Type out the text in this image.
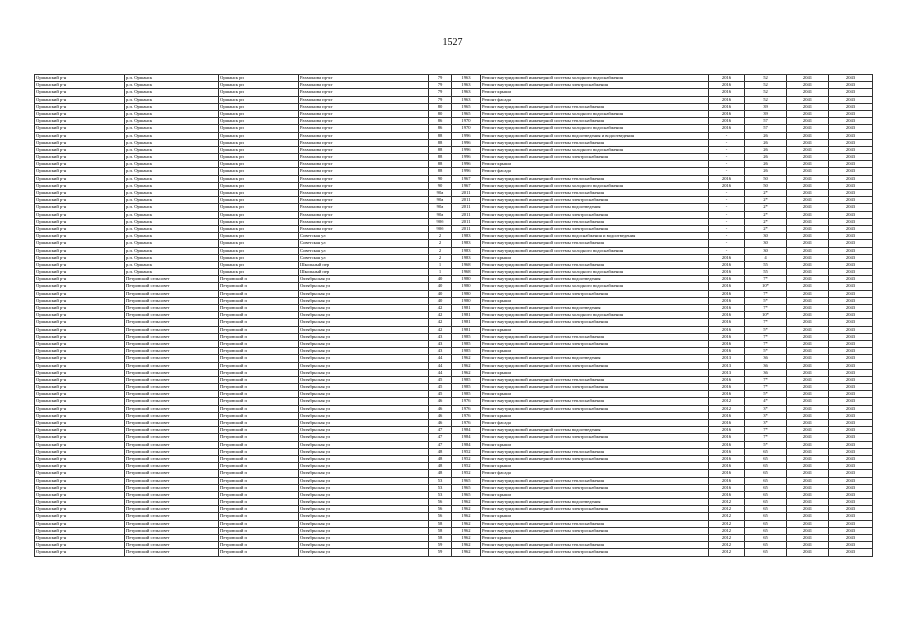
1527
Оршанский р-н	р.п. Оршанск	Оршанск рп	Рахмонова пр-кт	79	1963	Ремонт внутридомовой инженерной системы холодного водоснабжения	2016	52	2041	2043
Оршанский р-н	р.п. Оршанск	Оршанск рп	Рахмонова пр-кт	79	1963	Ремонт внутридомовой инженерной системы электроснабжения	2016	52	2041	2043
Оршанский р-н	р.п. Оршанск	Оршанск рп	Рахмонова пр-кт	79	1963	Ремонт крыши	2016	52	2041	2043
Оршанский р-н	р.п. Оршанск	Оршанск рп	Рахмонова пр-кт	79	1963	Ремонт фасада	2016	52	2041	2043
Оршанский р-н	р.п. Оршанск	Оршанск рп	Рахмонова пр-кт	80	1965	Ремонт внутридомовой инженерной системы теплоснабжения	2016	39	2041	2043
Оршанский р-н	р.п. Оршанск	Оршанск рп	Рахмонова пр-кт	80	1965	Ремонт внутридомовой инженерной системы холодного водоснабжения	2016	39	2041	2043
Оршанский р-н	р.п. Оршанск	Оршанск рп	Рахмонова пр-кт	86	1970	Ремонт внутридомовой инженерной системы теплоснабжения	2016	57	2041	2043
Оршанский р-н	р.п. Оршанск	Оршанск рп	Рахмонова пр-кт	86	1970	Ремонт внутридомовой инженерной системы холодного водоснабжения	2016	57	2041	2043
Оршанский р-н	р.п. Оршанск	Оршанск рп	Рахмонова пр-кт	88	1996	Ремонт внутридомовой инженерной системы водоотведения и водоотведения	-	26	2041	2043
Оршанский р-н	р.п. Оршанск	Оршанск рп	Рахмонова пр-кт	88	1996	Ремонт внутридомовой инженерной системы теплоснабжения	-	26	2041	2043
Оршанский р-н	р.п. Оршанск	Оршанск рп	Рахмонова пр-кт	88	1996	Ремонт внутридомовой инженерной системы холодного водоснабжения	-	26	2041	2043
Оршанский р-н	р.п. Оршанск	Оршанск рп	Рахмонова пр-кт	88	1996	Ремонт внутридомовой инженерной системы электроснабжения	-	26	2041	2043
Оршанский р-н	р.п. Оршанск	Оршанск рп	Рахмонова пр-кт	88	1996	Ремонт крыши	-	26	2041	2043
Оршанский р-н	р.п. Оршанск	Оршанск рп	Рахмонова пр-кт	88	1996	Ремонт фасада	-	26	2041	2043
Оршанский р-н	р.п. Оршанск	Оршанск рп	Рахмонова пр-кт	90	1967	Ремонт внутридомовой инженерной системы теплоснабжения	2016	50	2041	2043
Оршанский р-н	р.п. Оршанск	Оршанск рп	Рахмонова пр-кт	90	1967	Ремонт внутридомовой инженерной системы холодного водоснабжения	2016	50	2041	2043
Оршанский р-н	р.п. Оршанск	Оршанск рп	Рахмонова пр-кт	90а	2011	Ремонт внутридомовой инженерной системы теплоснабжения	-	2*	2041	2043
Оршанский р-н	р.п. Оршанск	Оршанск рп	Рахмонова пр-кт	90а	2011	Ремонт внутридомовой инженерной системы электроснабжения	-	2*	2041	2043
Оршанский р-н	р.п. Оршанск	Оршанск рп	Рахмонова пр-кт	90а	2011	Ремонт внутридомовой инженерной системы водоотведения	-	2*	2041	2043
Оршанский р-н	р.п. Оршанск	Оршанск рп	Рахмонова пр-кт	90а	2011	Ремонт внутридомовой инженерной системы электроснабжения	-	2*	2041	2043
Оршанский р-н	р.п. Оршанск	Оршанск рп	Рахмонова пр-кт	90б	2011	Ремонт внутридомовой инженерной системы теплоснабжения	-	2*	2041	2043
Оршанский р-н	р.п. Оршанск	Оршанск рп	Рахмонова пр-кт	90б	2011	Ремонт внутридомовой инженерной системы электроснабжения	-	2*	2041	2043
Оршанский р-н	р.п. Оршанск	Оршанск рп	Советская ул	2	1983	Ремонт внутридомовой инженерной системы водоснабжения и водоотведения	-	30	2041	2043
Оршанский р-н	р.п. Оршанск	Оршанск рп	Советская ул	2	1983	Ремонт внутридомовой инженерной системы теплоснабжения	-	30	2041	2043
Оршанский р-н	р.п. Оршанск	Оршанск рп	Советская ул	2	1983	Ремонт внутридомовой инженерной системы холодного водоснабжения	-	30	2041	2043
Оршанский р-н	р.п. Оршанск	Оршанск рп	Советская ул	2	1983	Ремонт крыши	2016	4	2041	2043
Оршанский р-н	р.п. Оршанск	Оршанск рп	Школьный пер	1	1968	Ремонт внутридомовой инженерной системы теплоснабжения	2016	55	2041	2043
Оршанский р-н	р.п. Оршанск	Оршанск рп	Школьный пер	1	1968	Ремонт внутридомовой инженерной системы холодного водоснабжения	2016	55	2041	2043
Оршанский р-н	Петровский сельсовет	Петровский п	Октябрьская ул	40	1980	Ремонт внутридомовой инженерной системы водоотведения	2016	7*	2041	2043
Оршанский р-н	Петровский сельсовет	Петровский п	Октябрьская ул	40	1980	Ремонт внутридомовой инженерной системы холодного водоснабжения	2016	10*	2041	2043
Оршанский р-н	Петровский сельсовет	Петровский п	Октябрьская ул	40	1980	Ремонт внутридомовой инженерной системы электроснабжения	2016	7*	2041	2043
Оршанский р-н	Петровский сельсовет	Петровский п	Октябрьская ул	40	1980	Ремонт крыши	2016	5*	2041	2043
Оршанский р-н	Петровский сельсовет	Петровский п	Октябрьская ул	42	1981	Ремонт внутридомовой инженерной системы водоотведения	2016	7*	2041	2043
Оршанский р-н	Петровский сельсовет	Петровский п	Октябрьская ул	42	1981	Ремонт внутридомовой инженерной системы холодного водоснабжения	2016	10*	2041	2043
Оршанский р-н	Петровский сельсовет	Петровский п	Октябрьская ул	42	1981	Ремонт внутридомовой инженерной системы электроснабжения	2016	7*	2041	2043
Оршанский р-н	Петровский сельсовет	Петровский п	Октябрьская ул	42	1981	Ремонт крыши	2016	5*	2041	2043
Оршанский р-н	Петровский сельсовет	Петровский п	Октябрьская ул	43	1985	Ремонт внутридомовой инженерной системы теплоснабжения	2016	7*	2041	2043
Оршанский р-н	Петровский сельсовет	Петровский п	Октябрьская ул	43	1985	Ремонт внутридомовой инженерной системы электроснабжения	2016	7*	2041	2043
Оршанский р-н	Петровский сельсовет	Петровский п	Октябрьская ул	43	1985	Ремонт крыши	2016	5*	2041	2043
Оршанский р-н	Петровский сельсовет	Петровский п	Октябрьская ул	44	1962	Ремонт внутридомовой инженерной системы водоотведения	2013	36	2041	2043
Оршанский р-н	Петровский сельсовет	Петровский п	Октябрьская ул	44	1962	Ремонт внутридомовой инженерной системы электроснабжения	2013	36	2041	2043
Оршанский р-н	Петровский сельсовет	Петровский п	Октябрьская ул	44	1962	Ремонт крыши	2013	36	2041	2043
Оршанский р-н	Петровский сельсовет	Петровский п	Октябрьская ул	45	1985	Ремонт внутридомовой инженерной системы теплоснабжения	2016	7*	2041	2043
Оршанский р-н	Петровский сельсовет	Петровский п	Октябрьская ул	45	1985	Ремонт внутридомовой инженерной системы электроснабжения	2016	7*	2041	2043
Оршанский р-н	Петровский сельсовет	Петровский п	Октябрьская ул	45	1985	Ремонт крыши	2016	5*	2041	2043
Оршанский р-н	Петровский сельсовет	Петровский п	Октябрьская ул	46	1976	Ремонт внутридомовой инженерной системы теплоснабжения	2012	4*	2041	2043
Оршанский р-н	Петровский сельсовет	Петровский п	Октябрьская ул	46	1976	Ремонт внутридомовой инженерной системы электроснабжения	2012	3*	2041	2043
Оршанский р-н	Петровский сельсовет	Петровский п	Октябрьская ул	46	1976	Ремонт крыши	2016	3*	2041	2043
Оршанский р-н	Петровский сельсовет	Петровский п	Октябрьская ул	46	1976	Ремонт фасада	2016	3*	2041	2043
Оршанский р-н	Петровский сельсовет	Петровский п	Октябрьская ул	47	1984	Ремонт внутридомовой инженерной системы водоотведения	2016	7*	2041	2043
Оршанский р-н	Петровский сельсовет	Петровский п	Октябрьская ул	47	1984	Ремонт внутридомовой инженерной системы электроснабжения	2016	7*	2041	2043
Оршанский р-н	Петровский сельсовет	Петровский п	Октябрьская ул	47	1984	Ремонт крыши	2016	5*	2041	2043
Оршанский р-н	Петровский сельсовет	Петровский п	Октябрьская ул	48	1952	Ремонт внутридомовой инженерной системы теплоснабжения	2016	65	2041	2043
Оршанский р-н	Петровский сельсовет	Петровский п	Октябрьская ул	48	1952	Ремонт внутридомовой инженерной системы электроснабжения	2016	65	2041	2043
Оршанский р-н	Петровский сельсовет	Петровский п	Октябрьская ул	48	1952	Ремонт крыши	2016	65	2041	2043
Оршанский р-н	Петровский сельсовет	Петровский п	Октябрьская ул	48	1952	Ремонт фасада	2016	65	2041	2043
Оршанский р-н	Петровский сельсовет	Петровский п	Октябрьская ул	53	1965	Ремонт внутридомовой инженерной системы теплоснабжения	2016	65	2041	2043
Оршанский р-н	Петровский сельсовет	Петровский п	Октябрьская ул	53	1965	Ремонт внутридомовой инженерной системы электроснабжения	2016	65	2041	2043
Оршанский р-н	Петровский сельсовет	Петровский п	Октябрьская ул	53	1965	Ремонт крыши	2016	65	2041	2043
Оршанский р-н	Петровский сельсовет	Петровский п	Октябрьская ул	56	1962	Ремонт внутридомовой инженерной системы водоотведения	2012	65	2041	2043
Оршанский р-н	Петровский сельсовет	Петровский п	Октябрьская ул	56	1962	Ремонт внутридомовой инженерной системы электроснабжения	2012	65	2041	2043
Оршанский р-н	Петровский сельсовет	Петровский п	Октябрьская ул	56	1962	Ремонт крыши	2012	65	2041	2043
Оршанский р-н	Петровский сельсовет	Петровский п	Октябрьская ул	58	1962	Ремонт внутридомовой инженерной системы теплоснабжения	2012	65	2041	2043
Оршанский р-н	Петровский сельсовет	Петровский п	Октябрьская ул	58	1962	Ремонт внутридомовой инженерной системы электроснабжения	2012	65	2041	2043
Оршанский р-н	Петровский сельсовет	Петровский п	Октябрьская ул	58	1962	Ремонт крыши	2012	65	2041	2043
Оршанский р-н	Петровский сельсовет	Петровский п	Октябрьская ул	59	1962	Ремонт внутридомовой инженерной системы теплоснабжения	2012	65	2041	2043
Оршанский р-н	Петровский сельсовет	Петровский п	Октябрьская ул	59	1962	Ремонт внутридомовой инженерной системы электроснабжения	2012	65	2041	2043
